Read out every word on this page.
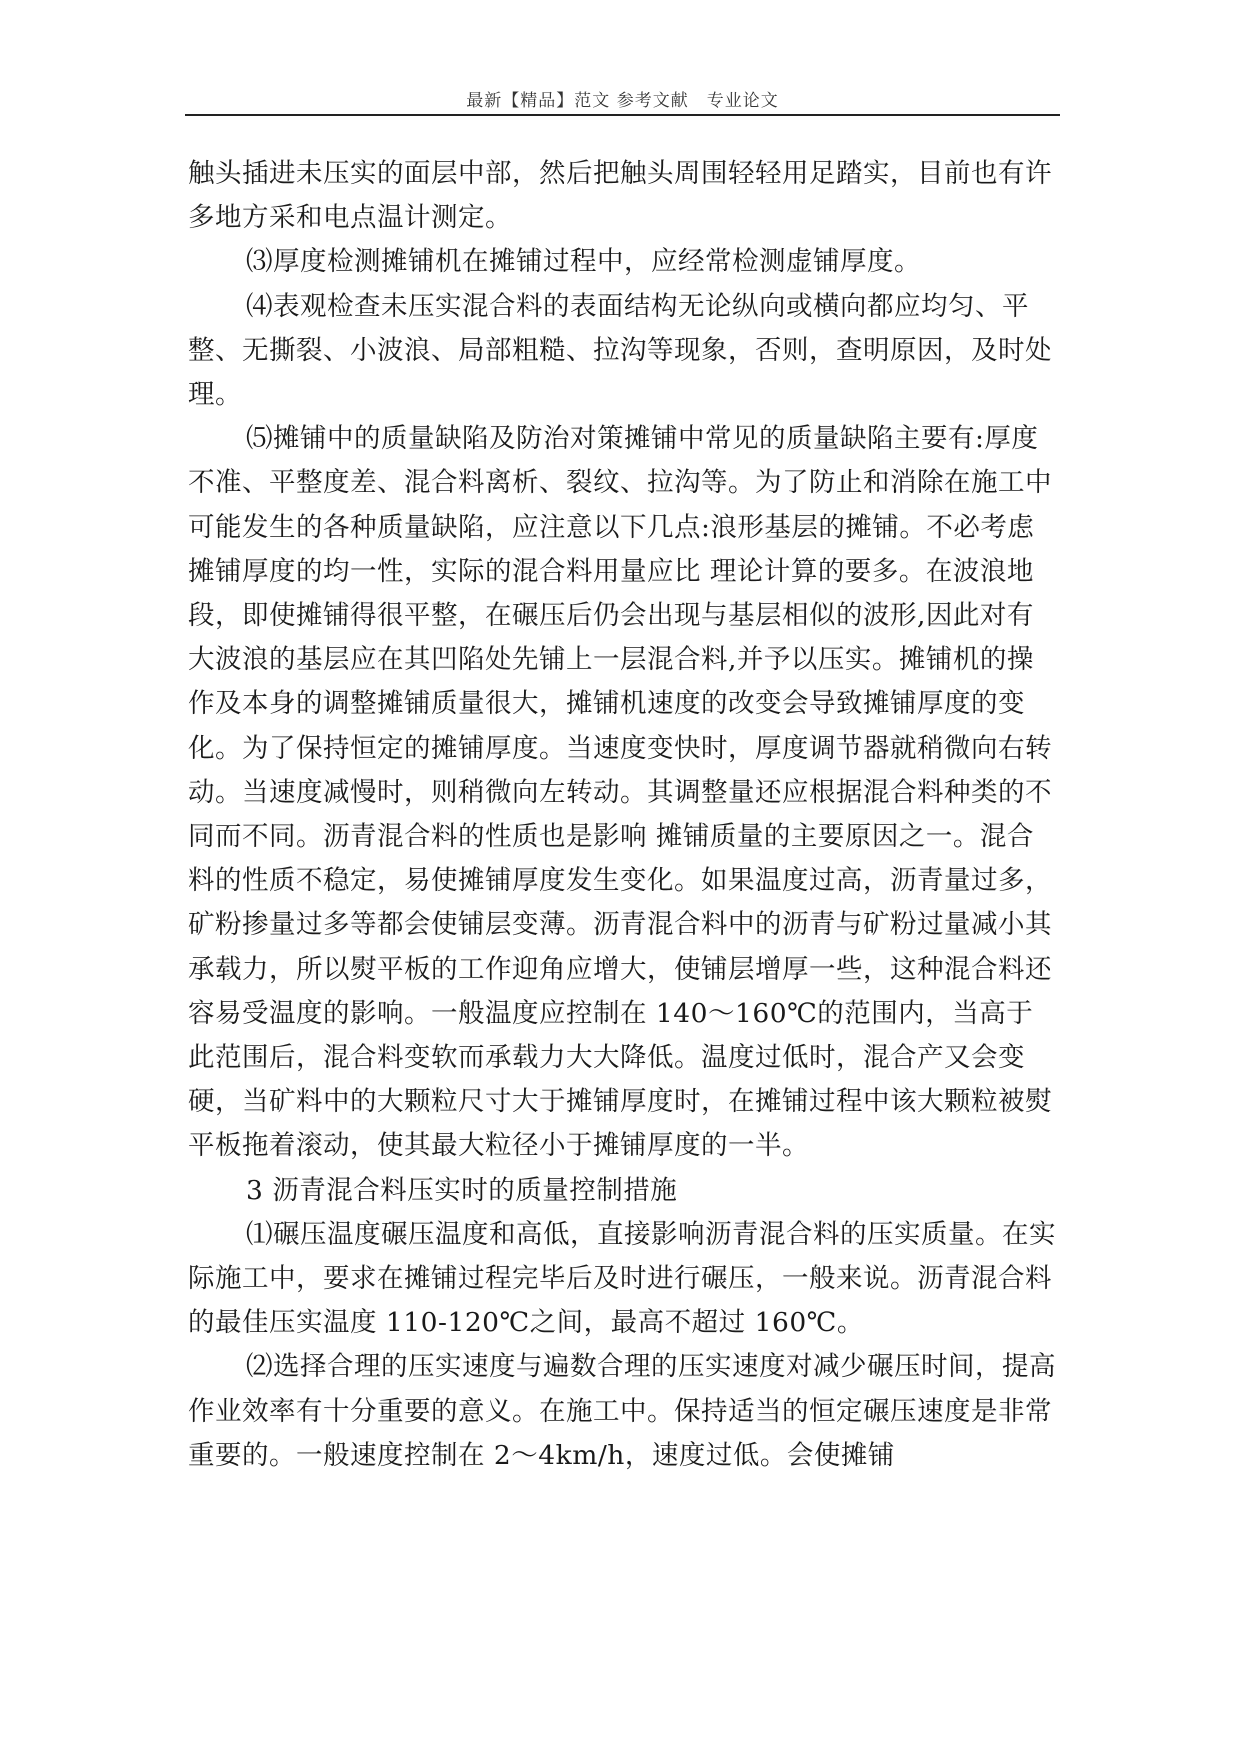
最新【精品】范文 参考文献　专业论文

触头插进未压实的面层中部，然后把触头周围轻轻用足踏实，目前也有许多地方采和电点温计测定。

⑶厚度检测摊铺机在摊铺过程中，应经常检测虚铺厚度。

⑷表观检查未压实混合料的表面结构无论纵向或横向都应均匀、平整、无撕裂、小波浪、局部粗糙、拉沟等现象，否则，查明原因，及时处理。

⑸摊铺中的质量缺陷及防治对策摊铺中常见的质量缺陷主要有:厚度不准、平整度差、混合料离析、裂纹、拉沟等。为了防止和消除在施工中可能发生的各种质量缺陷，应注意以下几点:浪形基层的摊铺。不必考虑摊铺厚度的均一性，实际的混合料用量应比 理论计算的要多。在波浪地段，即使摊铺得很平整，在碾压后仍会出现与基层相似的波形,因此对有大波浪的基层应在其凹陷处先铺上一层混合料,并予以压实。摊铺机的操作及本身的调整摊铺质量很大，摊铺机速度的改变会导致摊铺厚度的变化。为了保持恒定的摊铺厚度。当速度变快时，厚度调节器就稍微向右转动。当速度减慢时，则稍微向左转动。其调整量还应根据混合料种类的不同而不同。沥青混合料的性质也是影响 摊铺质量的主要原因之一。混合料的性质不稳定，易使摊铺厚度发生变化。如果温度过高，沥青量过多，矿粉掺量过多等都会使铺层变薄。沥青混合料中的沥青与矿粉过量减小其承载力，所以熨平板的工作迎角应增大，使铺层增厚一些，这种混合料还容易受温度的影响。一般温度应控制在 140～160℃的范围内，当高于此范围后，混合料变软而承载力大大降低。温度过低时，混合产又会变硬，当矿料中的大颗粒尺寸大于摊铺厚度时，在摊铺过程中该大颗粒被熨平板拖着滚动，使其最大粒径小于摊铺厚度的一半。

3 沥青混合料压实时的质量控制措施

⑴碾压温度碾压温度和高低，直接影响沥青混合料的压实质量。在实际施工中，要求在摊铺过程完毕后及时进行碾压，一般来说。沥青混合料的最佳压实温度 110-120℃之间，最高不超过 160℃。

⑵选择合理的压实速度与遍数合理的压实速度对减少碾压时间，提高作业效率有十分重要的意义。在施工中。保持适当的恒定碾压速度是非常重要的。一般速度控制在 2～4km/h，速度过低。会使摊铺
